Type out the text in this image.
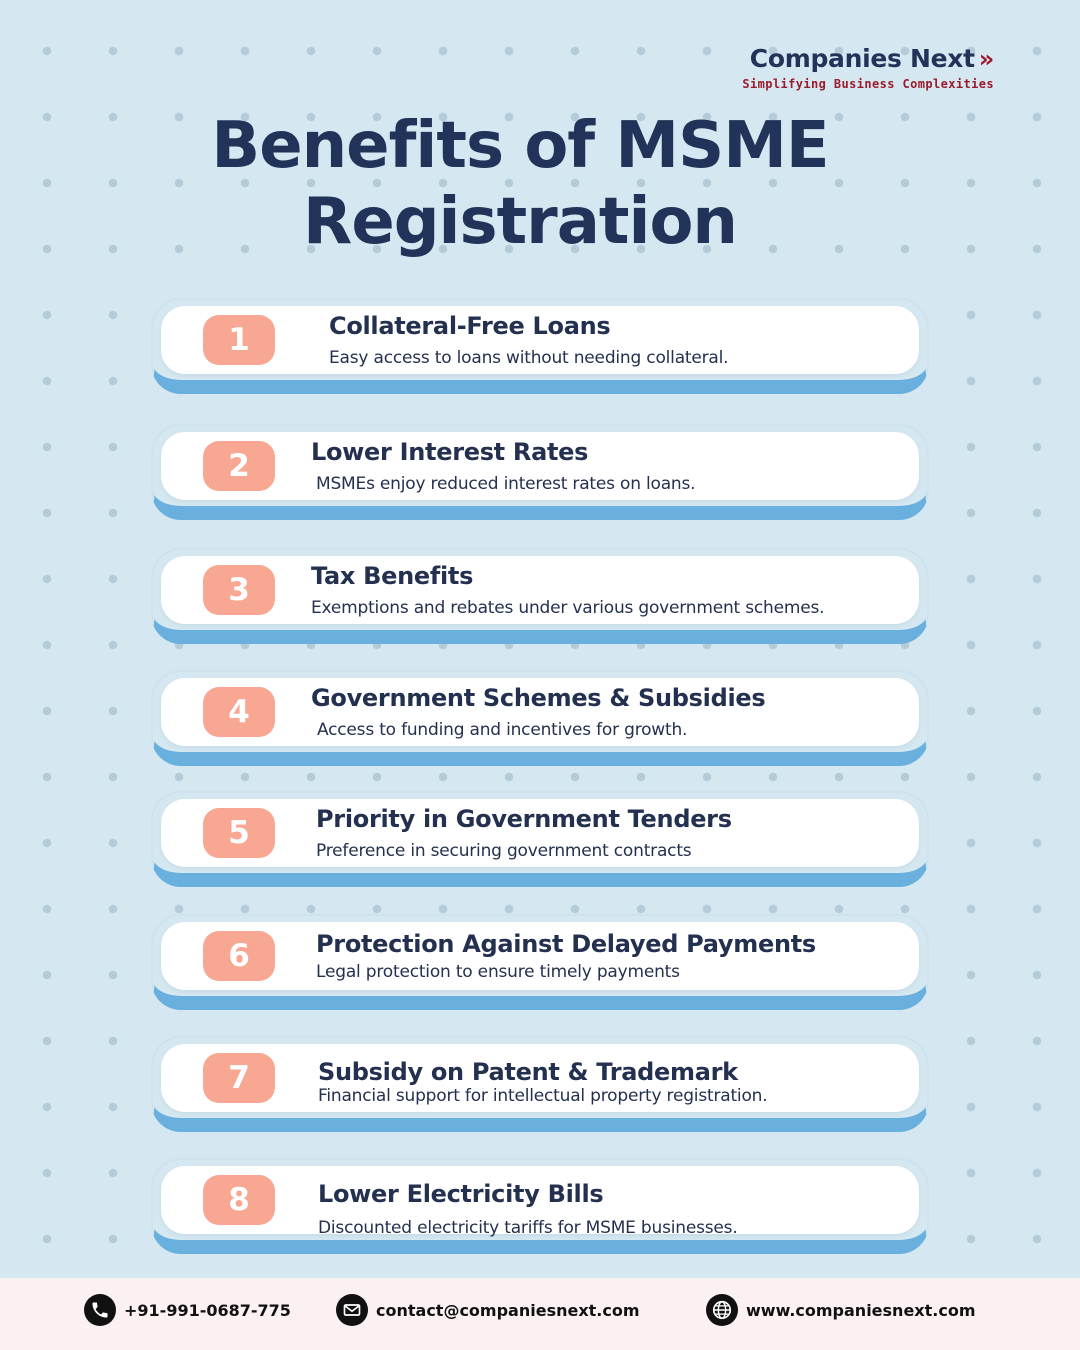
Companies Next »
Simplifying Business Complexities
Benefits of MSME
Registration
1	Collateral-Free Loans
Easy access to loans without needing collateral.
2	Lower Interest Rates
MSMEs enjoy reduced interest rates on loans.
3	Tax Benefits
Exemptions and rebates under various government schemes.
4	Government Schemes & Subsidies
Access to funding and incentives for growth.
5	Priority in Government Tenders
Preference in securing government contracts
6	Protection Against Delayed Payments
Legal protection to ensure timely payments
7	Subsidy on Patent & Trademark
Financial support for intellectual property registration.
8	Lower Electricity Bills
Discounted electricity tariffs for MSME businesses.
+91-991-0687-775	contact@companiesnext.com	www.companiesnext.com
